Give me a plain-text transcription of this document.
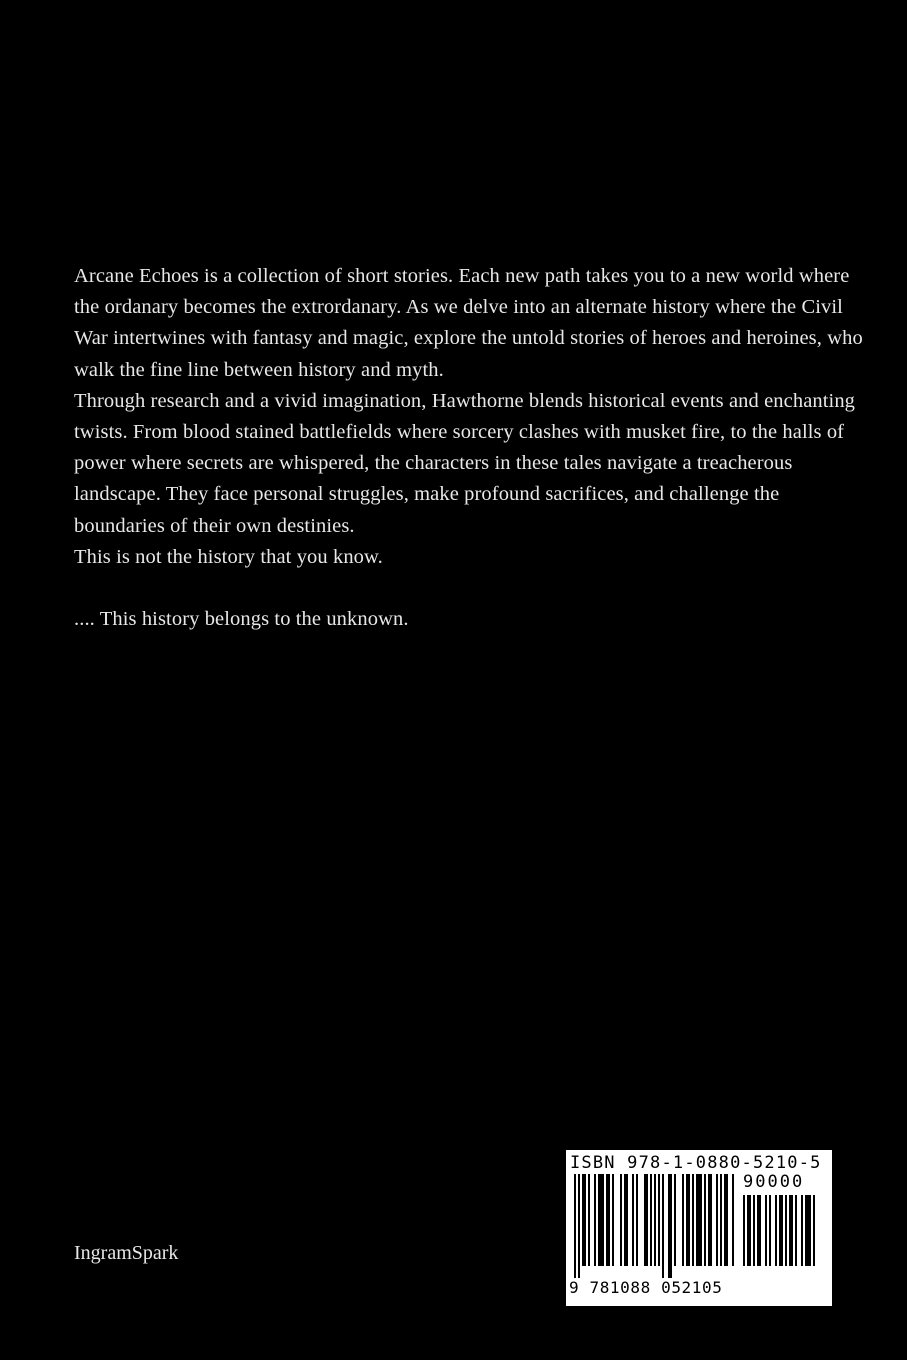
Arcane Echoes is a collection of short stories. Each new path takes you to a new world where the ordanary becomes the extrordanary. As we delve into an alternate history where the Civil War intertwines with fantasy and magic, explore the untold stories of heroes and heroines, who walk the fine line between history and myth.

Through research and a vivid imagination, Hawthorne blends historical events and enchanting twists. From blood stained battlefields where sorcery clashes with musket fire, to the halls of power where secrets are whispered, the characters in these tales navigate a treacherous landscape. They face personal struggles, make profound sacrifices, and challenge the boundaries of their own destinies.

This is not the history that you know.

.... This history belongs to the unknown.

IngramSpark
ISBN 978-1-0880-5210-5
90000
9 781088 052105
